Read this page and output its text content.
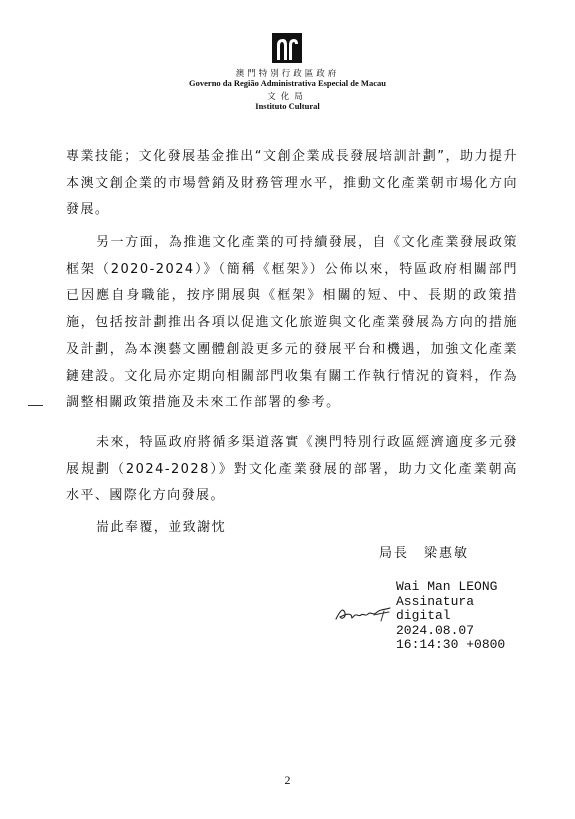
澳門特別行政區政府
Governo da Região Administrativa Especial de Macau
文化局
Instituto Cultural
專業技能；文化發展基金推出“文創企業成長發展培訓計劃”，助力提升本澳文創企業的市場營銷及財務管理水平，推動文化產業朝市場化方向發展。
另一方面，為推進文化產業的可持續發展，自《文化產業發展政策框架（2020-2024）》（簡稱《框架》）公佈以來，特區政府相關部門已因應自身職能，按序開展與《框架》相關的短、中、長期的政策措施，包括按計劃推出各項以促進文化旅遊與文化產業發展為方向的措施及計劃，為本澳藝文團體創設更多元的發展平台和機遇，加強文化產業鏈建設。文化局亦定期向相關部門收集有關工作執行情況的資料，作為調整相關政策措施及未來工作部署的參考。
未來，特區政府將循多渠道落實《澳門特別行政區經濟適度多元發展規劃（2024-2028）》對文化產業發展的部署，助力文化產業朝高水平、國際化方向發展。
耑此奉覆，並致謝忱
局長　梁惠敏
Wai Man LEONG
Assinatura
digital
2024.08.07
16:14:30 +0800
2
